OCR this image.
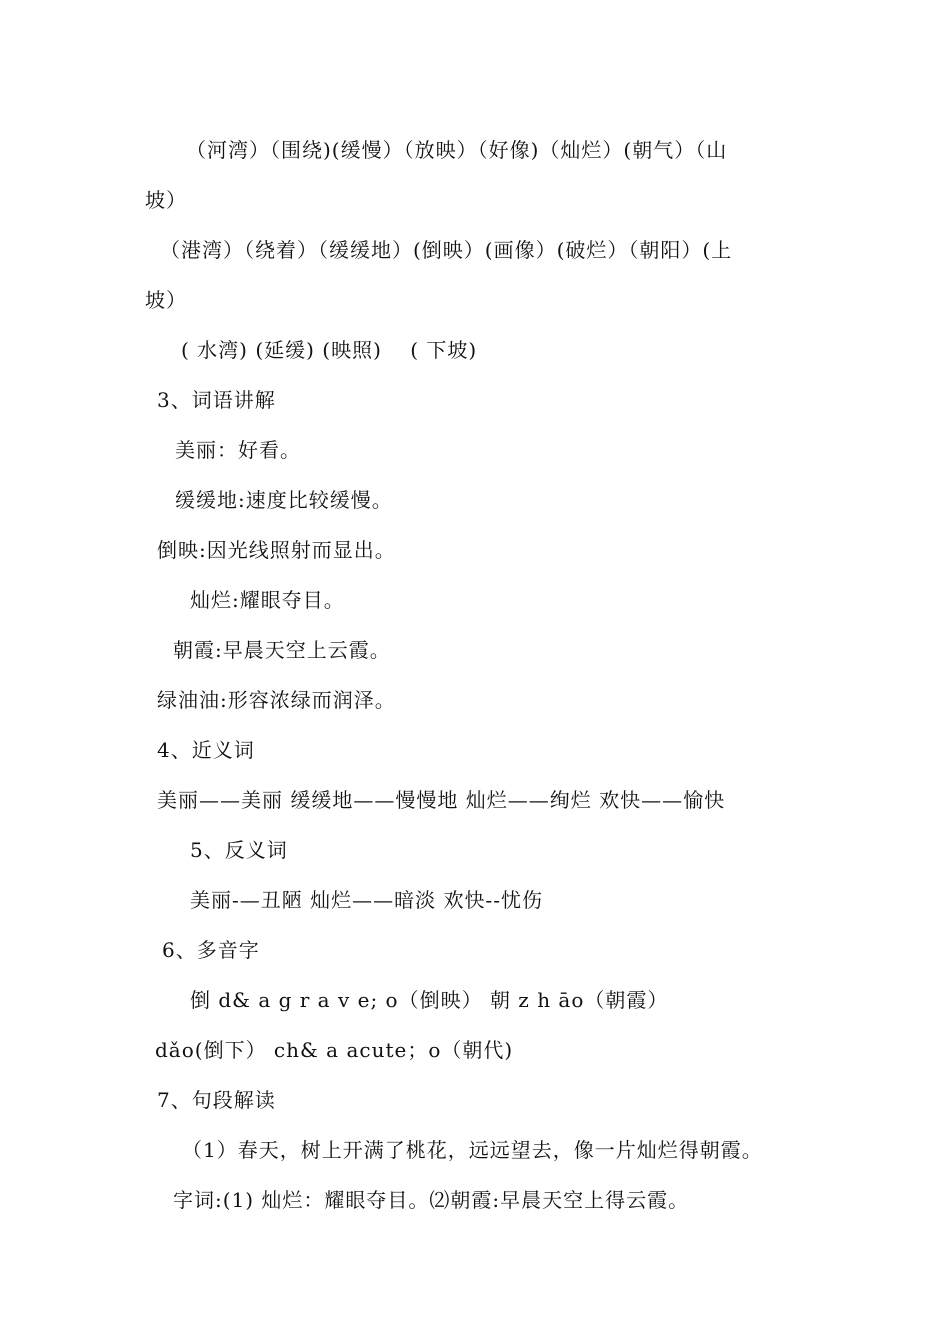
（河湾）（围绕)(缓慢）（放映）（好像)（灿烂）(朝气）（山
坡）
（港湾）（绕着）（缓缓地）(倒映）(画像）(破烂）（朝阳）(上
坡）
( 水湾) (延缓) (映照)　 ( 下坡)
3、词语讲解
美丽：好看。
缓缓地:速度比较缓慢。
倒映:因光线照射而显出。
灿烂:耀眼夺目。
朝霞:早晨天空上云霞。
绿油油:形容浓绿而润泽。
4、近义词
美丽——美丽 缓缓地——慢慢地 灿烂——绚烂 欢快——愉快
5、反义词
美丽-—丑陋 灿烂——暗淡 欢快--忧伤
6、多音字
倒 d& a g r a v e; o（倒映） 朝 z h āo（朝霞）
dǎo(倒下） ch& a acute；o（朝代)
7、句段解读
（1）春天，树上开满了桃花，远远望去，像一片灿烂得朝霞。
字词:(1) 灿烂：耀眼夺目。⑵朝霞:早晨天空上得云霞。
